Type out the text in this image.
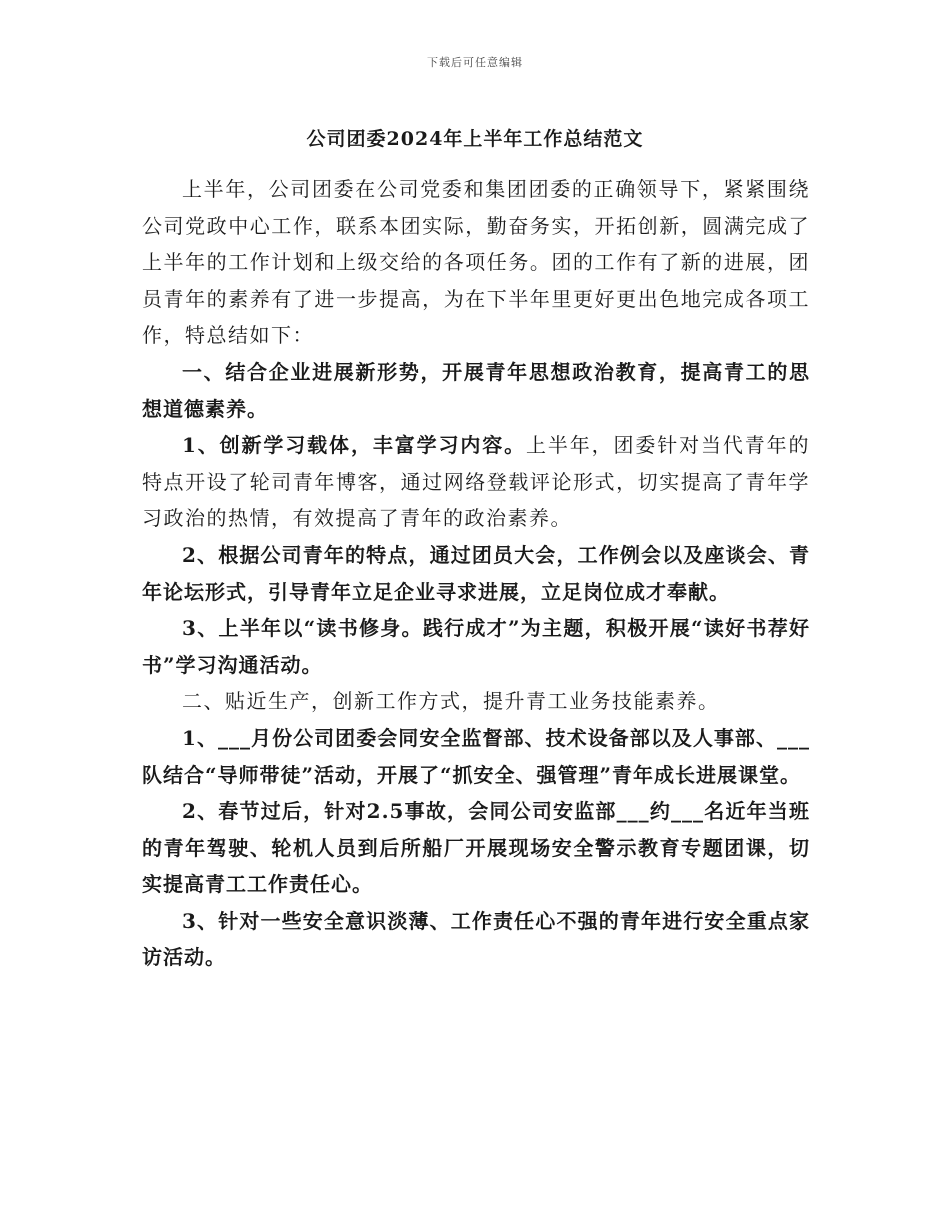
下载后可任意编辑
公司团委2024年上半年工作总结范文

上半年，公司团委在公司党委和集团团委的正确领导下，紧紧围绕公司党政中心工作，联系本团实际，勤奋务实，开拓创新，圆满完成了上半年的工作计划和上级交给的各项任务。团的工作有了新的进展，团员青年的素养有了进一步提高，为在下半年里更好更出色地完成各项工作，特总结如下：

一、结合企业进展新形势，开展青年思想政治教育，提高青工的思想道德素养。

1、创新学习载体，丰富学习内容。上半年，团委针对当代青年的特点开设了轮司青年博客，通过网络登载评论形式，切实提高了青年学习政治的热情，有效提高了青年的政治素养。

2、根据公司青年的特点，通过团员大会，工作例会以及座谈会、青年论坛形式，引导青年立足企业寻求进展，立足岗位成才奉献。

3、上半年以“读书修身。践行成才”为主题，积极开展“读好书荐好书”学习沟通活动。

二、贴近生产，创新工作方式，提升青工业务技能素养。

1、___月份公司团委会同安全监督部、技术设备部以及人事部、___队结合“导师带徒”活动，开展了“抓安全、强管理”青年成长进展课堂。

2、春节过后，针对2.5事故，会同公司安监部___约___名近年当班的青年驾驶、轮机人员到后所船厂开展现场安全警示教育专题团课，切实提高青工工作责任心。

3、针对一些安全意识淡薄、工作责任心不强的青年进行安全重点家访活动。
